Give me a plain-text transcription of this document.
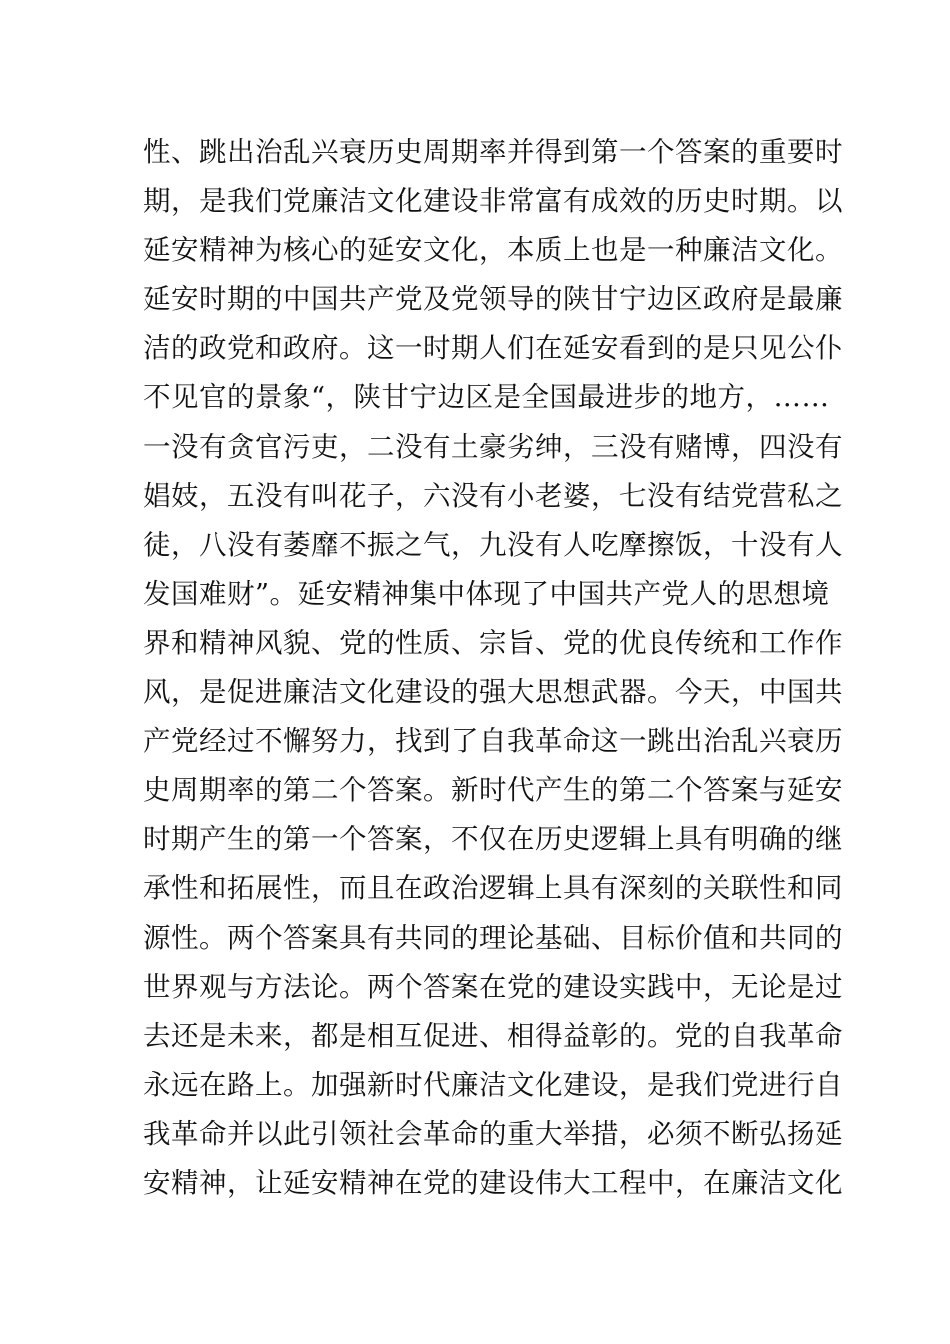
性、跳出治乱兴衰历史周期率并得到第一个答案的重要时
期，是我们党廉洁文化建设非常富有成效的历史时期。以
延安精神为核心的延安文化，本质上也是一种廉洁文化。
延安时期的中国共产党及党领导的陕甘宁边区政府是最廉
洁的政党和政府。这一时期人们在延安看到的是只见公仆
不见官的景象“，陕甘宁边区是全国最进步的地方，……
一没有贪官污吏，二没有土豪劣绅，三没有赌博，四没有
娼妓，五没有叫花子，六没有小老婆，七没有结党营私之
徒，八没有萎靡不振之气，九没有人吃摩擦饭，十没有人
发国难财”。延安精神集中体现了中国共产党人的思想境
界和精神风貌、党的性质、宗旨、党的优良传统和工作作
风，是促进廉洁文化建设的强大思想武器。今天，中国共
产党经过不懈努力，找到了自我革命这一跳出治乱兴衰历
史周期率的第二个答案。新时代产生的第二个答案与延安
时期产生的第一个答案，不仅在历史逻辑上具有明确的继
承性和拓展性，而且在政治逻辑上具有深刻的关联性和同
源性。两个答案具有共同的理论基础、目标价值和共同的
世界观与方法论。两个答案在党的建设实践中，无论是过
去还是未来，都是相互促进、相得益彰的。党的自我革命
永远在路上。加强新时代廉洁文化建设，是我们党进行自
我革命并以此引领社会革命的重大举措，必须不断弘扬延
安精神，让延安精神在党的建设伟大工程中，在廉洁文化
